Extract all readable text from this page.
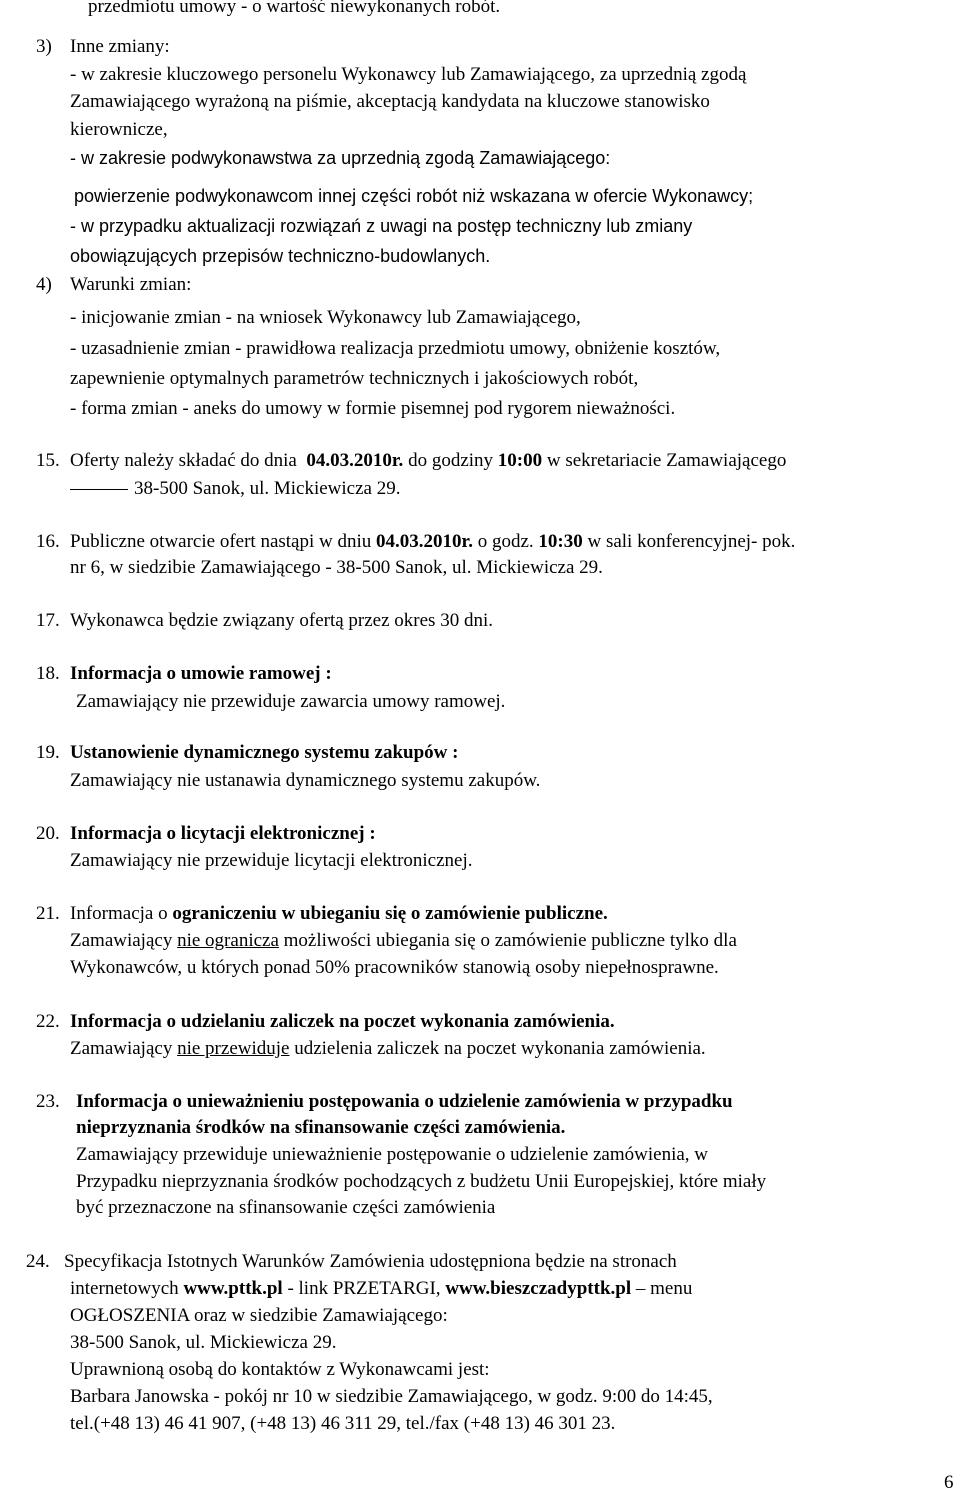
przedmiotu umowy - o wartość niewykonanych robót.
3) Inne zmiany:
- w zakresie kluczowego personelu Wykonawcy lub Zamawiającego, za uprzednią zgodą
Zamawiającego wyrażoną na piśmie, akceptacją kandydata na kluczowe stanowisko
kierownicze,
- w zakresie podwykonawstwa za uprzednią zgodą Zamawiającego:
powierzenie podwykonawcom innej części robót niż wskazana w ofercie Wykonawcy;
- w przypadku aktualizacji rozwiązań z uwagi na postęp techniczny lub zmiany
obowiązujących przepisów techniczno-budowlanych.
4) Warunki zmian:
- inicjowanie zmian - na wniosek Wykonawcy lub Zamawiającego,
- uzasadnienie zmian - prawidłowa realizacja przedmiotu umowy, obniżenie kosztów,
zapewnienie optymalnych parametrów technicznych i jakościowych robót,
- forma zmian - aneks do umowy w formie pisemnej pod rygorem nieważności.
15. Oferty należy składać do dnia 04.03.2010r. do godziny 10:00 w sekretariacie Zamawiającego
38-500 Sanok, ul. Mickiewicza 29.
16. Publiczne otwarcie ofert nastąpi w dniu 04.03.2010r. o godz. 10:30 w sali konferencyjnej- pok.
nr 6, w siedzibie Zamawiającego - 38-500 Sanok, ul. Mickiewicza 29.
17. Wykonawca będzie związany ofertą przez okres 30 dni.
18. Informacja o umowie ramowej :
Zamawiający nie przewiduje zawarcia umowy ramowej.
19. Ustanowienie dynamicznego systemu zakupów :
Zamawiający nie ustanawia dynamicznego systemu zakupów.
20. Informacja o licytacji elektronicznej :
Zamawiający nie przewiduje licytacji elektronicznej.
21. Informacja o ograniczeniu w ubieganiu się o zamówienie publiczne.
Zamawiający nie ogranicza możliwości ubiegania się o zamówienie publiczne tylko dla
Wykonawców, u których ponad 50% pracowników stanowią osoby niepełnosprawne.
22. Informacja o udzielaniu zaliczek na poczet wykonania zamówienia.
Zamawiający nie przewiduje udzielenia zaliczek na poczet wykonania zamówienia.
23. Informacja o unieważnieniu postępowania o udzielenie zamówienia w przypadku
nieprzyznania środków na sfinansowanie części zamówienia.
Zamawiający przewiduje unieważnienie postępowanie o udzielenie zamówienia, w
Przypadku nieprzyznania środków pochodzących z budżetu Unii Europejskiej, które miały
być przeznaczone na sfinansowanie części zamówienia
24. Specyfikacja Istotnych Warunków Zamówienia udostępniona będzie na stronach
internetowych www.pttk.pl - link PRZETARGI, www.bieszczadypttk.pl – menu
OGŁOSZENIA oraz w siedzibie Zamawiającego:
38-500 Sanok, ul. Mickiewicza 29.
Uprawnioną osobą do kontaktów z Wykonawcami jest:
Barbara Janowska - pokój nr 10 w siedzibie Zamawiającego, w godz. 9:00 do 14:45,
tel.(+48 13) 46 41 907, (+48 13) 46 311 29, tel./fax (+48 13) 46 301 23.
6
